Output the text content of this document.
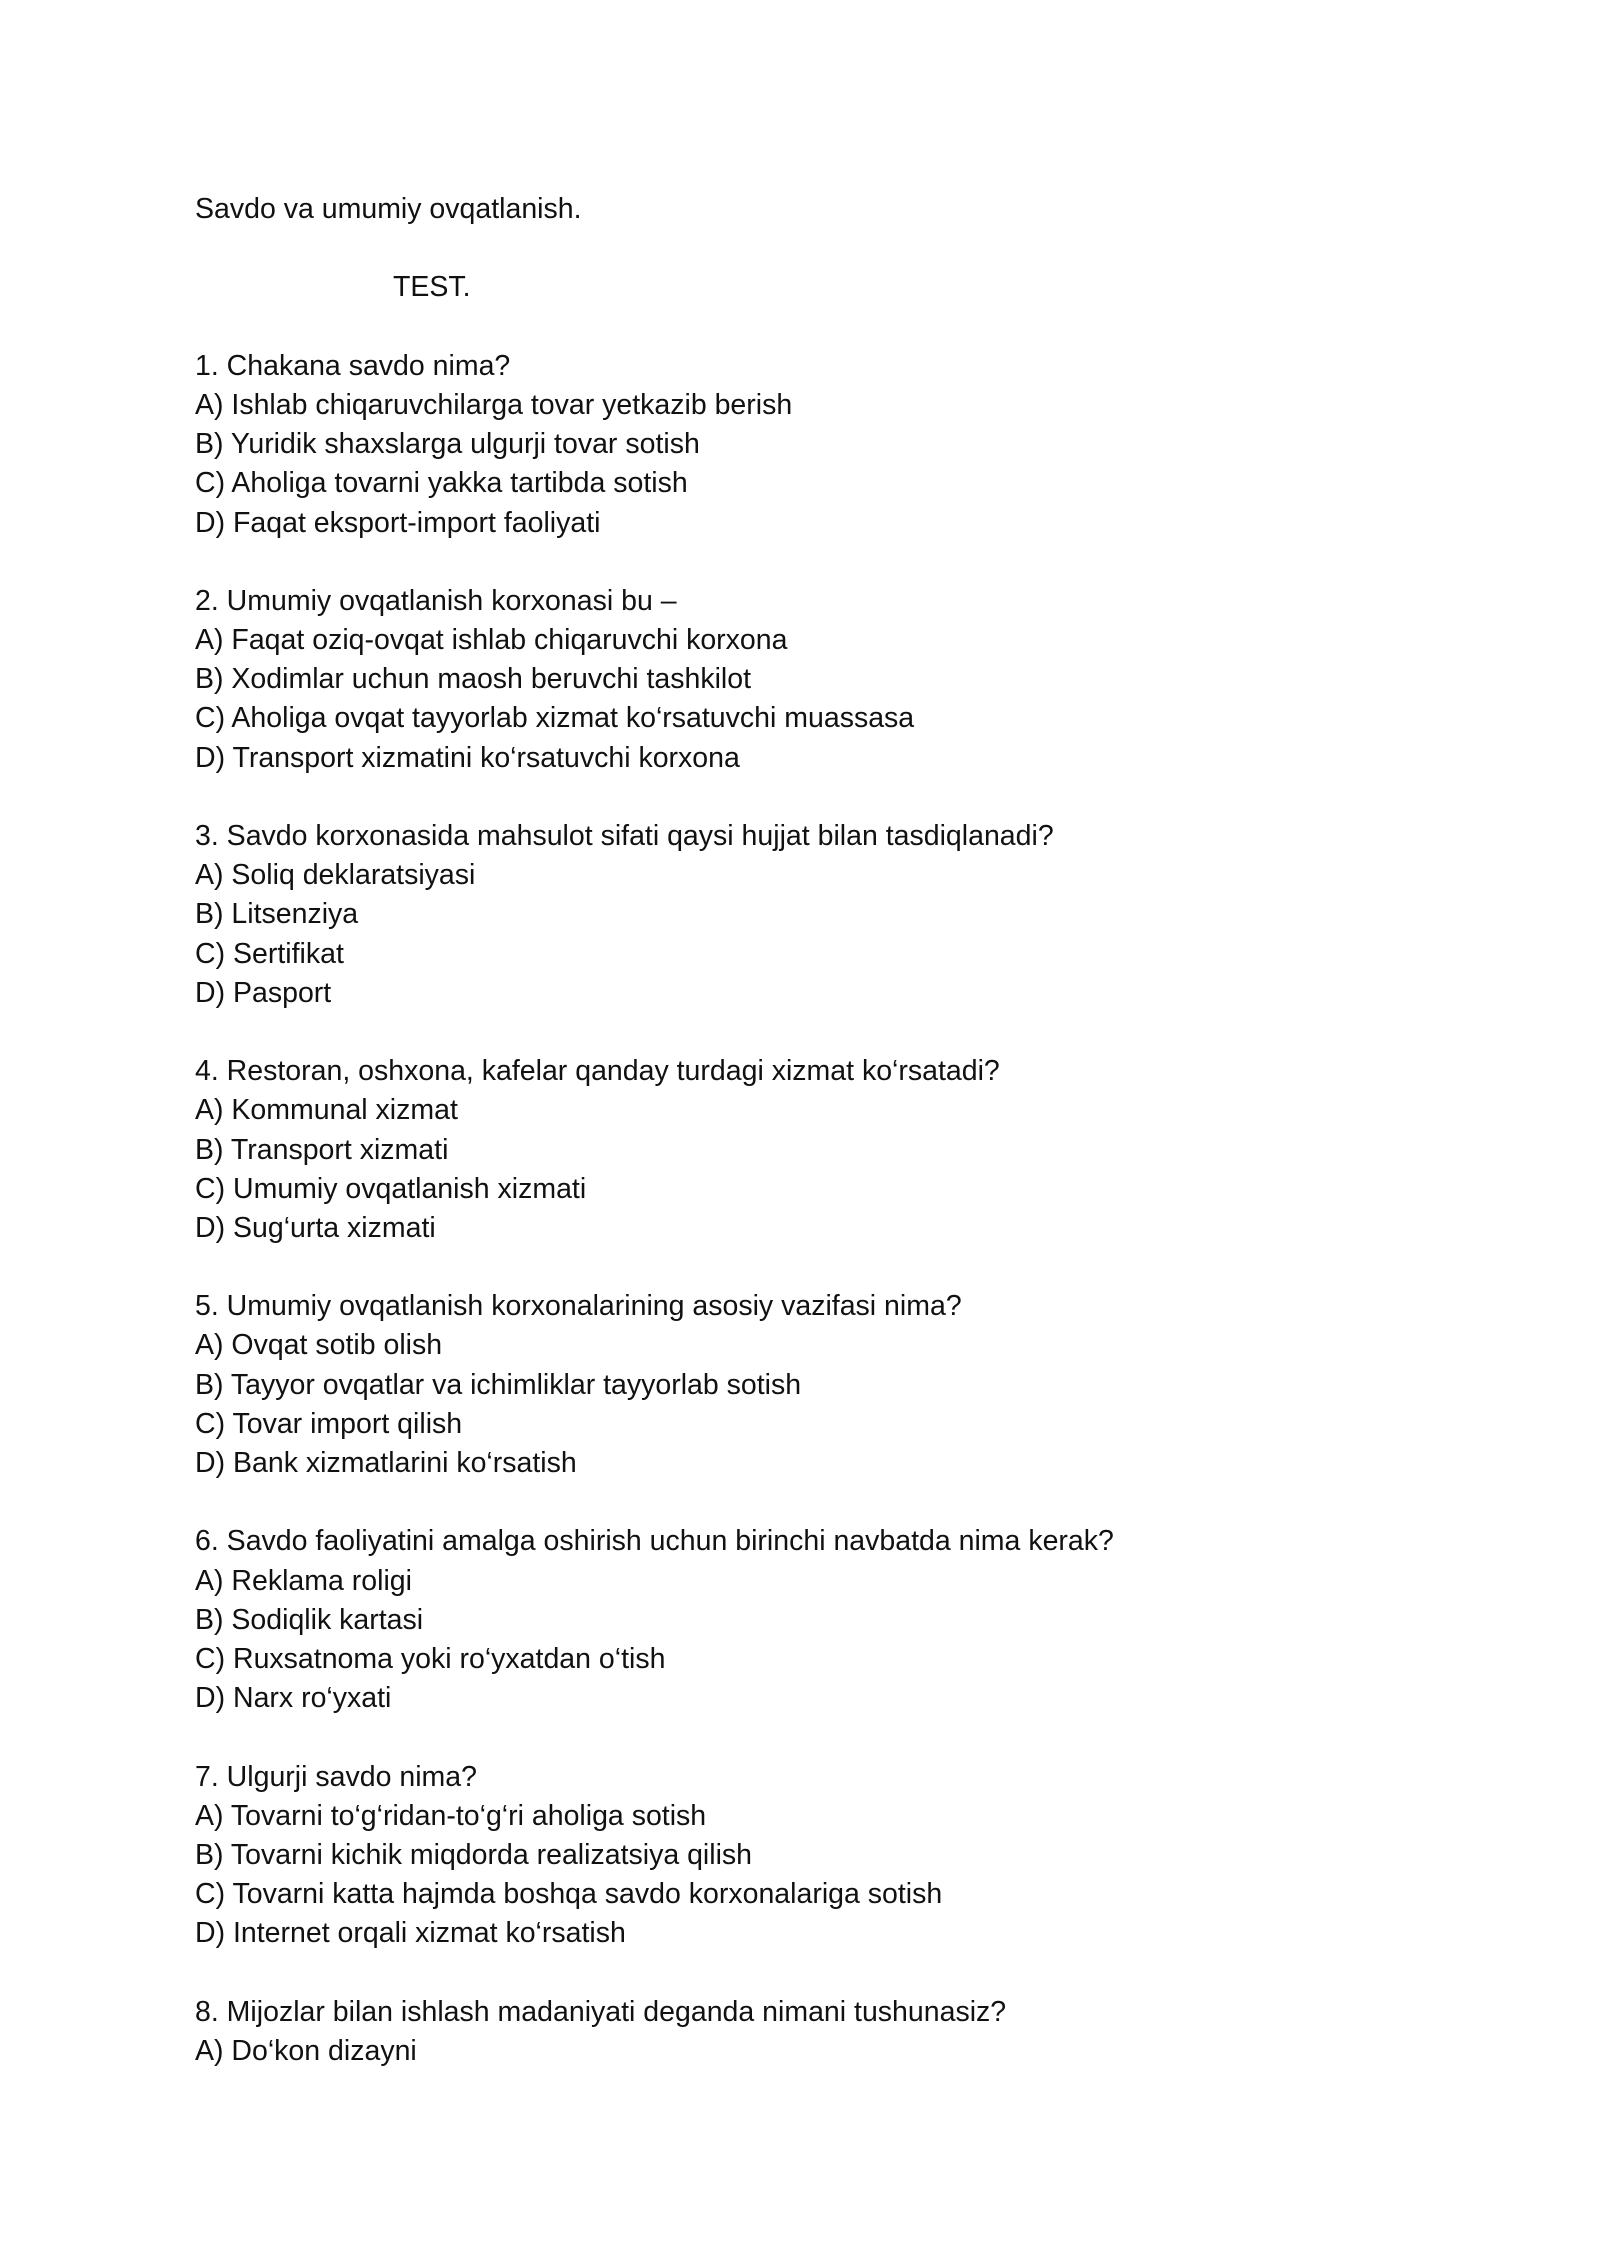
Savdo va umumiy ovqatlanish.
TEST.
1. Chakana savdo nima?
A) Ishlab chiqaruvchilarga tovar yetkazib berish
B) Yuridik shaxslarga ulgurji tovar sotish
C) Aholiga tovarni yakka tartibda sotish
D) Faqat eksport-import faoliyati
2. Umumiy ovqatlanish korxonasi bu –
A) Faqat oziq-ovqat ishlab chiqaruvchi korxona
B) Xodimlar uchun maosh beruvchi tashkilot
C) Aholiga ovqat tayyorlab xizmat ko‘rsatuvchi muassasa
D) Transport xizmatini ko‘rsatuvchi korxona
3. Savdo korxonasida mahsulot sifati qaysi hujjat bilan tasdiqlanadi?
A) Soliq deklaratsiyasi
B) Litsenziya
C) Sertifikat
D) Pasport
4. Restoran, oshxona, kafelar qanday turdagi xizmat ko‘rsatadi?
A) Kommunal xizmat
B) Transport xizmati
C) Umumiy ovqatlanish xizmati
D) Sug‘urta xizmati
5. Umumiy ovqatlanish korxonalarining asosiy vazifasi nima?
A) Ovqat sotib olish
B) Tayyor ovqatlar va ichimliklar tayyorlab sotish
C) Tovar import qilish
D) Bank xizmatlarini ko‘rsatish
6. Savdo faoliyatini amalga oshirish uchun birinchi navbatda nima kerak?
A) Reklama roligi
B) Sodiqlik kartasi
C) Ruxsatnoma yoki ro‘yxatdan o‘tish
D) Narx ro‘yxati
7. Ulgurji savdo nima?
A) Tovarni to‘g‘ridan-to‘g‘ri aholiga sotish
B) Tovarni kichik miqdorda realizatsiya qilish
C) Tovarni katta hajmda boshqa savdo korxonalariga sotish
D) Internet orqali xizmat ko‘rsatish
8. Mijozlar bilan ishlash madaniyati deganda nimani tushunasiz?
A) Do‘kon dizayni
